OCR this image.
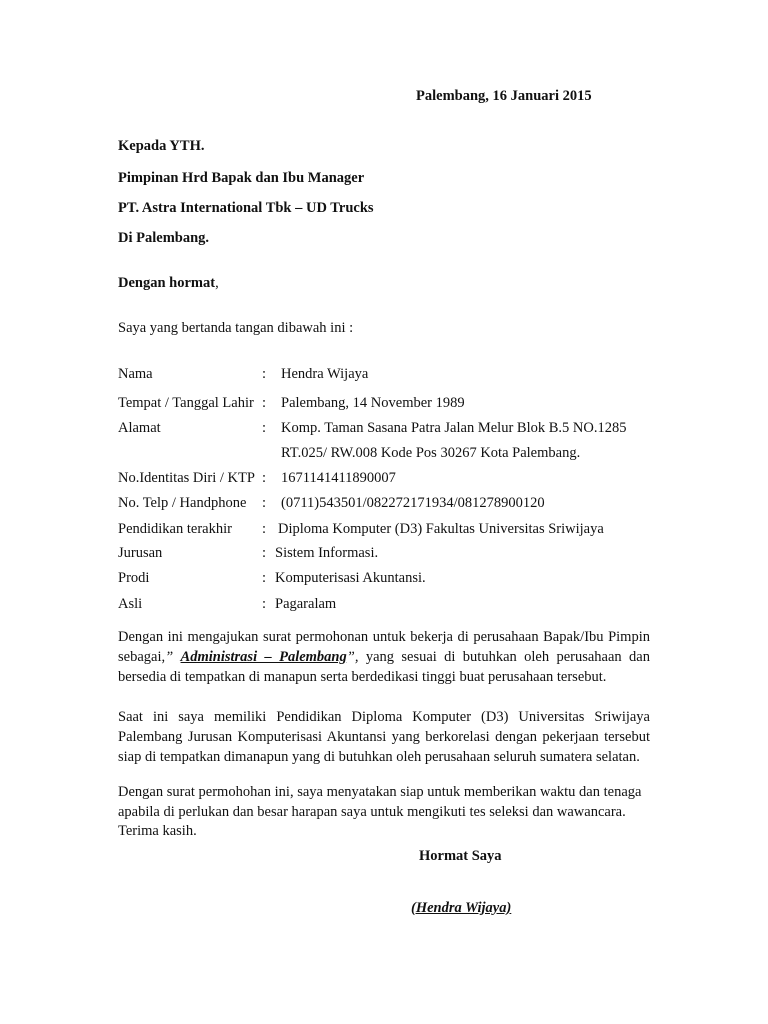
Palembang, 16 Januari 2015
Kepada YTH.
Pimpinan Hrd Bapak dan Ibu Manager
PT. Astra International Tbk – UD Trucks
Di Palembang.
Dengan hormat,
Saya yang bertanda tangan dibawah ini :
Nama	: Hendra Wijaya
Tempat / Tanggal Lahir : Palembang, 14 November 1989
Alamat	: Komp. Taman Sasana Patra Jalan Melur Blok B.5 NO.1285
RT.025/ RW.008 Kode Pos 30267 Kota Palembang.
No.Identitas Diri / KTP : 1671141411890007
No. Telp / Handphone : (0711)543501/082272171934/081278900120
Pendidikan terakhir : Diploma Komputer (D3) Fakultas Universitas Sriwijaya
Jurusan	: Sistem Informasi.
Prodi	: Komputerisasi Akuntansi.
Asli	: Pagaralam
Dengan ini mengajukan surat permohonan untuk bekerja di perusahaan Bapak/Ibu Pimpin sebagai,” Administrasi – Palembang”, yang sesuai di butuhkan oleh perusahaan dan bersedia di tempatkan di manapun serta berdedikasi tinggi buat perusahaan tersebut.
Saat ini saya memiliki Pendidikan Diploma Komputer (D3) Universitas Sriwijaya Palembang Jurusan Komputerisasi Akuntansi yang berkorelasi dengan pekerjaan tersebut siap di tempatkan dimanapun yang di butuhkan oleh perusahaan seluruh sumatera selatan.
Dengan surat permohohan ini, saya menyatakan siap untuk memberikan waktu dan tenaga
apabila di perlukan dan besar harapan saya untuk mengikuti tes seleksi dan wawancara.
Terima kasih.
Hormat Saya
(Hendra Wijaya)
